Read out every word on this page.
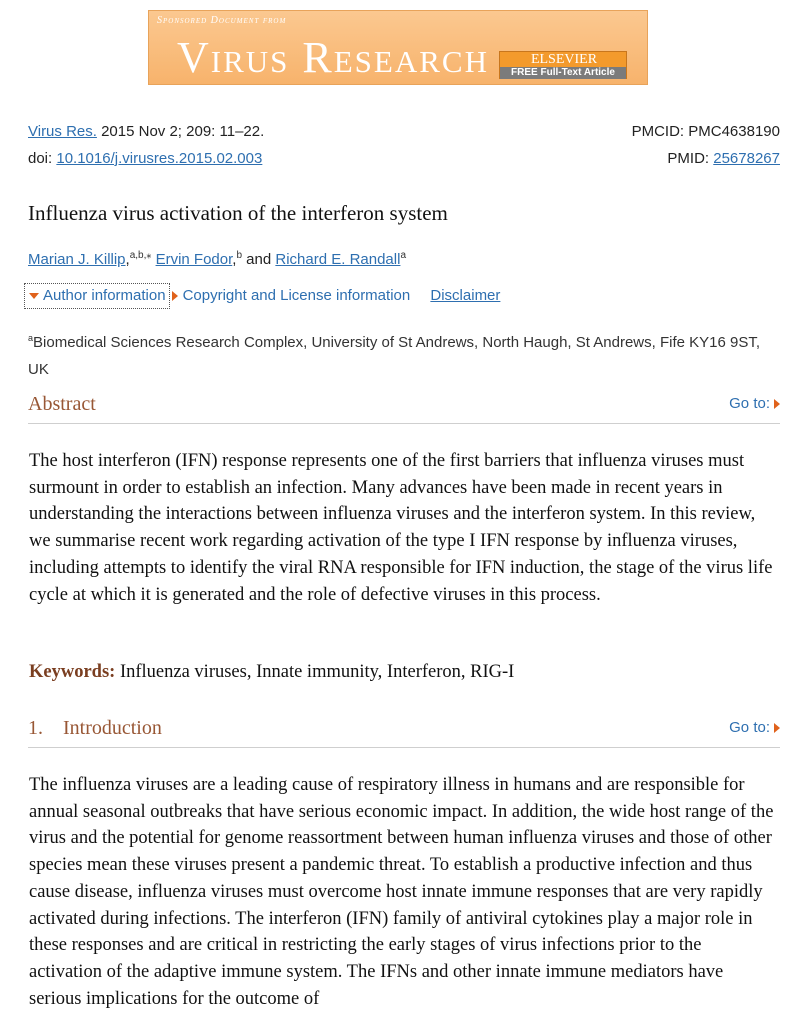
Sponsored Document from
Virus Research	ELSEVIER
FREE Full-Text Article
Virus Res. 2015 Nov 2; 209: 11–22.
doi: 10.1016/j.virusres.2015.02.003
PMCID: PMC4638190
PMID: 25678267
Influenza virus activation of the interferon system
Marian J. Killip,$^{a,b,⁎}$ Ervin Fodor,$^b$ and Richard E. Randall$^a$
Author information Copyright and License information Disclaimer
$^a$Biomedical Sciences Research Complex, University of St Andrews, North Haugh, St Andrews, Fife KY16 9ST, UK
Abstract	Go to:
The host interferon (IFN) response represents one of the first barriers that influenza viruses must surmount in order to establish an infection. Many advances have been made in recent years in understanding the interactions between influenza viruses and the interferon system. In this review, we summarise recent work regarding activation of the type I IFN response by influenza viruses, including attempts to identify the viral RNA responsible for IFN induction, the stage of the virus life cycle at which it is generated and the role of defective viruses in this process.
Keywords: Influenza viruses, Innate immunity, Interferon, RIG-I
1.    Introduction	Go to:
The influenza viruses are a leading cause of respiratory illness in humans and are responsible for annual seasonal outbreaks that have serious economic impact. In addition, the wide host range of the virus and the potential for genome reassortment between human influenza viruses and those of other species mean these viruses present a pandemic threat. To establish a productive infection and thus cause disease, influenza viruses must overcome host innate immune responses that are very rapidly activated during infections. The interferon (IFN) family of antiviral cytokines play a major role in these responses and are critical in restricting the early stages of virus infections prior to the activation of the adaptive immune system. The IFNs and other innate immune mediators have serious implications for the outcome of
